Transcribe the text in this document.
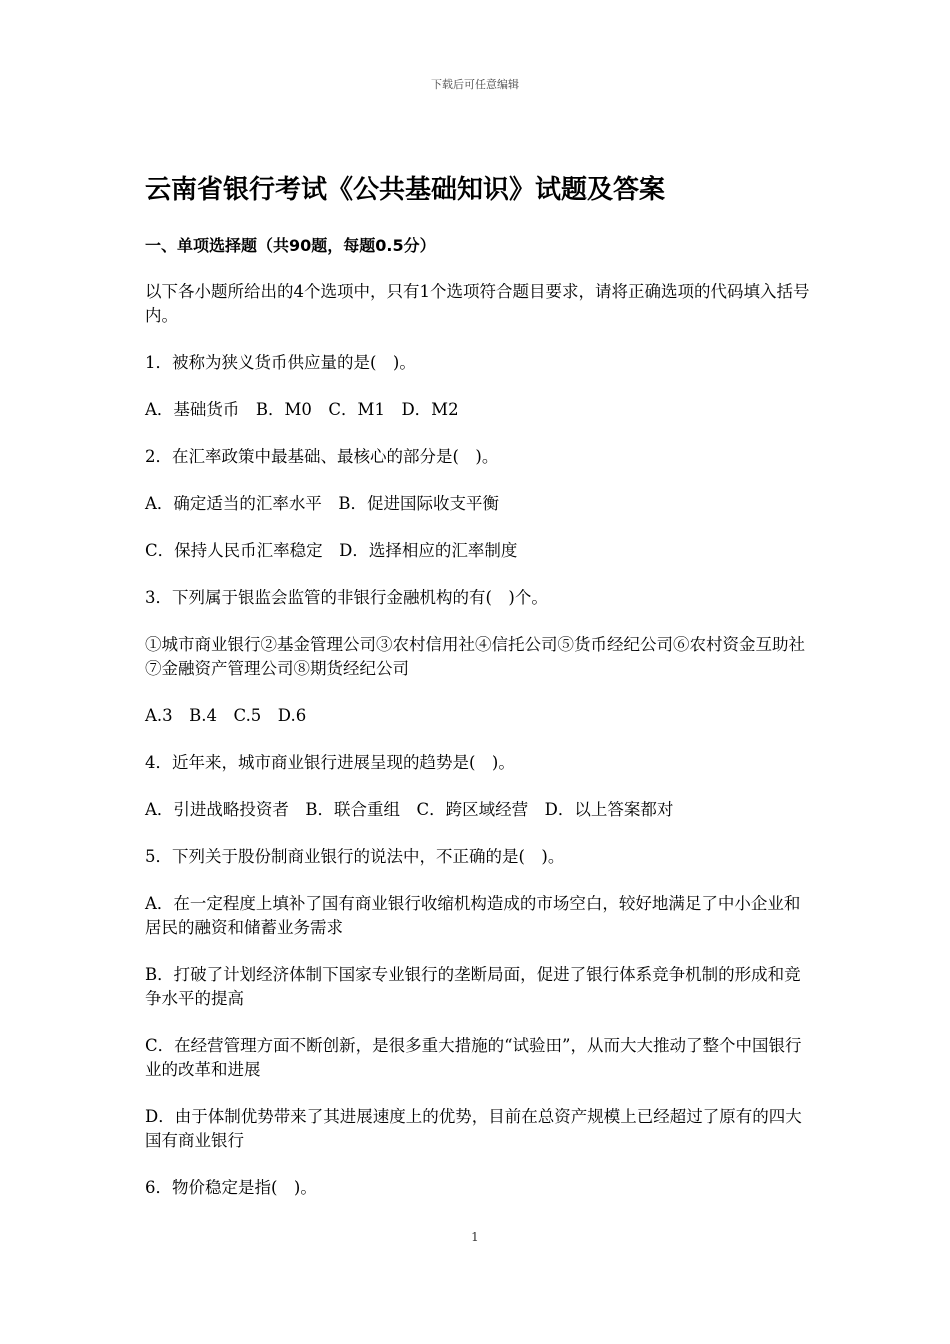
下载后可任意编辑
云南省银行考试《公共基础知识》试题及答案
一、单项选择题（共90题，每题0.5分）
以下各小题所给出的4个选项中，只有1个选项符合题目要求，请将正确选项的代码填入括号内。
1．被称为狭义货币供应量的是(　)。
A．基础货币　B．M0　C．M1　D．M2
2．在汇率政策中最基础、最核心的部分是(　)。
A．确定适当的汇率水平　B．促进国际收支平衡
C．保持人民币汇率稳定　D．选择相应的汇率制度
3．下列属于银监会监管的非银行金融机构的有(　)个。
①城市商业银行②基金管理公司③农村信用社④信托公司⑤货币经纪公司⑥农村资金互助社⑦金融资产管理公司⑧期货经纪公司
A.3　B.4　C.5　D.6
4．近年来，城市商业银行进展呈现的趋势是(　)。
A．引进战略投资者　B．联合重组　C．跨区域经营　D．以上答案都对
5．下列关于股份制商业银行的说法中，不正确的是(　)。
A．在一定程度上填补了国有商业银行收缩机构造成的市场空白，较好地满足了中小企业和居民的融资和储蓄业务需求
B．打破了计划经济体制下国家专业银行的垄断局面，促进了银行体系竞争机制的形成和竞争水平的提高
C．在经营管理方面不断创新，是很多重大措施的“试验田”，从而大大推动了整个中国银行业的改革和进展
D．由于体制优势带来了其进展速度上的优势，目前在总资产规模上已经超过了原有的四大国有商业银行
6．物价稳定是指(　)。
1
